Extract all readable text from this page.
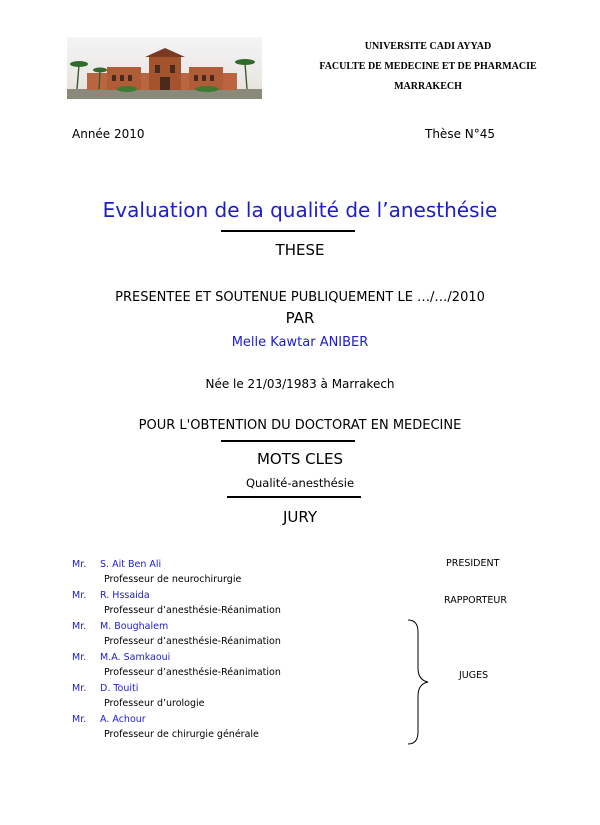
UNIVERSITE CADI AYYAD
FACULTE DE MEDECINE ET DE PHARMACIE
MARRAKECH
Année 2010	Thèse N°45
Evaluation de la qualité de l’anesthésie
THESE
PRESENTEE ET SOUTENUE PUBLIQUEMENT LE …/…/2010
PAR
Melle Kawtar ANIBER
Née le 21/03/1983 à Marrakech
POUR L'OBTENTION DU DOCTORAT EN MEDECINE
MOTS CLES
Qualité-anesthésie
JURY
Mr. S. Ait Ben Ali
Professeur de neurochirurgie
Mr. R. Hssaida
Professeur d’anesthésie-Réanimation
Mr. M. Boughalem
Professeur d’anesthésie-Réanimation
Mr. M.A. Samkaoui
Professeur d’anesthésie-Réanimation
Mr. D. Touiti
Professeur d’urologie
Mr. A. Achour
Professeur de chirurgie générale
PRESIDENT
RAPPORTEUR
JUGES
